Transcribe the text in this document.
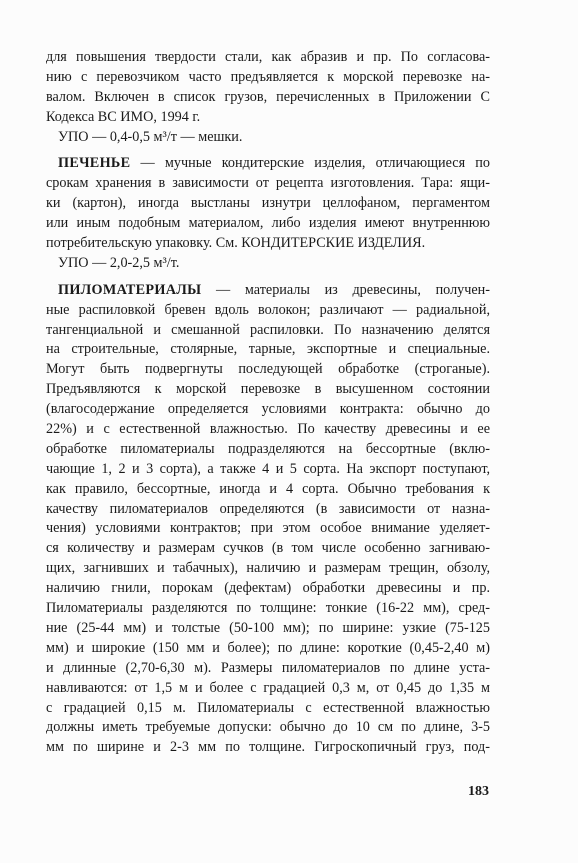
для повышения твердости стали, как абразив и пр. По согласова-
нию с перевозчиком часто предъявляется к морской перевозке на-
валом. Включен в список грузов, перечисленных в Приложении С
Кодекса ВС ИМО, 1994 г.
УПО — 0,4-0,5 м³/т — мешки.
ПЕЧЕНЬЕ — мучные кондитерские изделия, отличающиеся по
срокам хранения в зависимости от рецепта изготовления. Тара: ящи-
ки (картон), иногда выстланы изнутри целлофаном, пергаментом
или иным подобным материалом, либо изделия имеют внутреннюю
потребительскую упаковку. См. КОНДИТЕРСКИЕ ИЗДЕЛИЯ.
УПО — 2,0-2,5 м³/т.
ПИЛОМАТЕРИАЛЫ — материалы из древесины, получен-
ные распиловкой бревен вдоль волокон; различают — радиальной,
тангенциальной и смешанной распиловки. По назначению делятся
на строительные, столярные, тарные, экспортные и специальные.
Могут быть подвергнуты последующей обработке (строганые).
Предъявляются к морской перевозке в высушенном состоянии
(влагосодержание определяется условиями контракта: обычно до
22%) и с естественной влажностью. По качеству древесины и ее
обработке пиломатериалы подразделяются на бессортные (вклю-
чающие 1, 2 и 3 сорта), а также 4 и 5 сорта. На экспорт поступают,
как правило, бессортные, иногда и 4 сорта. Обычно требования к
качеству пиломатериалов определяются (в зависимости от назна-
чения) условиями контрактов; при этом особое внимание уделяет-
ся количеству и размерам сучков (в том числе особенно загниваю-
щих, загнивших и табачных), наличию и размерам трещин, обзолу,
наличию гнили, порокам (дефектам) обработки древесины и пр.
Пиломатериалы разделяются по толщине: тонкие (16-22 мм), сред-
ние (25-44 мм) и толстые (50-100 мм); по ширине: узкие (75-125
мм) и широкие (150 мм и более); по длине: короткие (0,45-2,40 м)
и длинные (2,70-6,30 м). Размеры пиломатериалов по длине уста-
навливаются: от 1,5 м и более с градацией 0,3 м, от 0,45 до 1,35 м
с градацией 0,15 м. Пиломатериалы с естественной влажностью
должны иметь требуемые допуски: обычно до 10 см по длине, 3-5
мм по ширине и 2-3 мм по толщине. Гигроскопичный груз, под-
183
